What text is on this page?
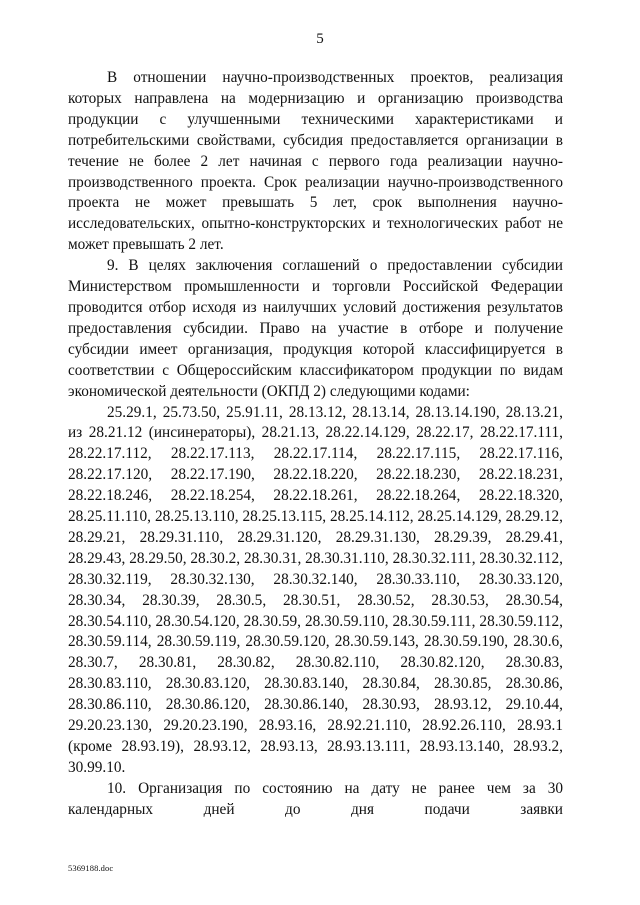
5

В отношении научно-производственных проектов, реализация которых направлена на модернизацию и организацию производства продукции с улучшенными техническими характеристиками и потребительскими свойствами, субсидия предоставляется организации в течение не более 2 лет начиная с первого года реализации научно-производственного проекта. Срок реализации научно-производственного проекта не может превышать 5 лет, срок выполнения научно-исследовательских, опытно-конструкторских и технологических работ не может превышать 2 лет.

9. В целях заключения соглашений о предоставлении субсидии Министерством промышленности и торговли Российской Федерации проводится отбор исходя из наилучших условий достижения результатов предоставления субсидии. Право на участие в отборе и получение субсидии имеет организация, продукция которой классифицируется в соответствии с Общероссийским классификатором продукции по видам экономической деятельности (ОКПД 2) следующими кодами:

25.29.1, 25.73.50, 25.91.11, 28.13.12, 28.13.14, 28.13.14.190, 28.13.21, из 28.21.12 (инсинераторы), 28.21.13, 28.22.14.129, 28.22.17, 28.22.17.111, 28.22.17.112, 28.22.17.113, 28.22.17.114, 28.22.17.115, 28.22.17.116, 28.22.17.120, 28.22.17.190, 28.22.18.220, 28.22.18.230, 28.22.18.231, 28.22.18.246, 28.22.18.254, 28.22.18.261, 28.22.18.264, 28.22.18.320, 28.25.11.110, 28.25.13.110, 28.25.13.115, 28.25.14.112, 28.25.14.129, 28.29.12, 28.29.21, 28.29.31.110, 28.29.31.120, 28.29.31.130, 28.29.39, 28.29.41, 28.29.43, 28.29.50, 28.30.2, 28.30.31, 28.30.31.110, 28.30.32.111, 28.30.32.112, 28.30.32.119, 28.30.32.130, 28.30.32.140, 28.30.33.110, 28.30.33.120, 28.30.34, 28.30.39, 28.30.5, 28.30.51, 28.30.52, 28.30.53, 28.30.54, 28.30.54.110, 28.30.54.120, 28.30.59, 28.30.59.110, 28.30.59.111, 28.30.59.112, 28.30.59.114, 28.30.59.119, 28.30.59.120, 28.30.59.143, 28.30.59.190, 28.30.6, 28.30.7, 28.30.81, 28.30.82, 28.30.82.110, 28.30.82.120, 28.30.83, 28.30.83.110, 28.30.83.120, 28.30.83.140, 28.30.84, 28.30.85, 28.30.86, 28.30.86.110, 28.30.86.120, 28.30.86.140, 28.30.93, 28.93.12, 29.10.44, 29.20.23.130, 29.20.23.190, 28.93.16, 28.92.21.110, 28.92.26.110, 28.93.1 (кроме 28.93.19), 28.93.12, 28.93.13, 28.93.13.111, 28.93.13.140, 28.93.2, 30.99.10.

10. Организация по состоянию на дату не ранее чем за 30 календарных дней до дня подачи заявки

5369188.doc
